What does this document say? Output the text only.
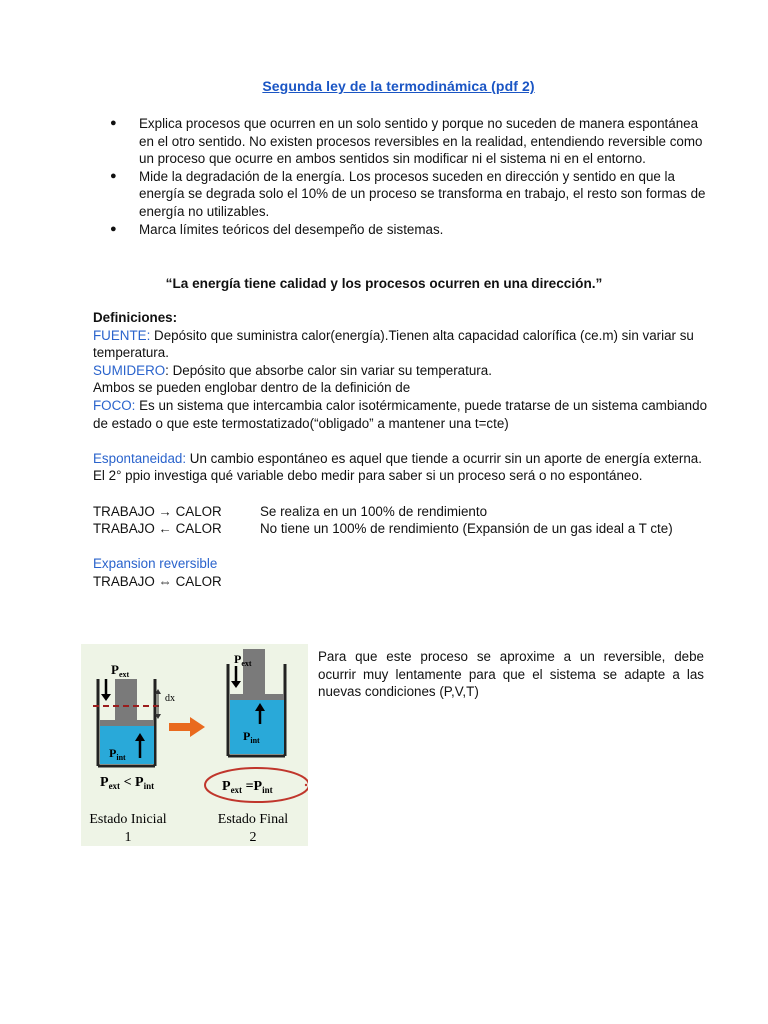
Segunda ley de la termodinámica (pdf 2)
● Explica procesos que ocurren en un solo sentido y porque no suceden de manera espontánea en el otro sentido. No existen procesos reversibles en la realidad, entendiendo reversible como un proceso que ocurre en ambos sentidos sin modificar ni el sistema ni en el entorno.
● Mide la degradación de la energía. Los procesos suceden en dirección y sentido en que la energía se degrada solo el 10% de un proceso se transforma en trabajo, el resto son formas de energía no utilizables.
● Marca límites teóricos del desempeño de sistemas.
“La energía tiene calidad y los procesos ocurren en una dirección.”

Definiciones:

FUENTE: Depósito que suministra calor(energía).Tienen alta capacidad calorífica (ce.m) sin variar su temperatura.

SUMIDERO: Depósito que absorbe calor sin variar su temperatura.

Ambos se pueden englobar dentro de la definición de

FOCO: Es un sistema que intercambia calor isotérmicamente, puede tratarse de un sistema cambiando de estado o que este termostatizado(“obligado” a mantener una t=cte)

Espontaneidad: Un cambio espontáneo es aquel que tiende a ocurrir sin un aporte de energía externa. El 2° ppio investiga qué variable debo medir para saber si un proceso será o no espontáneo.

TRABAJO → CALOR	Se realiza en un 100% de rendimiento
TRABAJO ← CALOR	No tiene un 100% de rendimiento (Expansión de un gas ideal a T cte)

Expansion reversible

TRABAJO ⇔ CALOR

$P_{ext}$
dx
$P_{int}$
$P_{ext}$
$P_{int}$
$P_{ext} < P_{int}$	$P_{ext} =P_{int}$
Estado Inicial
1
Estado Final
2
Para que este proceso se aproxime a un reversible, debe
ocurrir muy lentamente para que el sistema se adapte a las
nuevas condiciones (P,V,T)
